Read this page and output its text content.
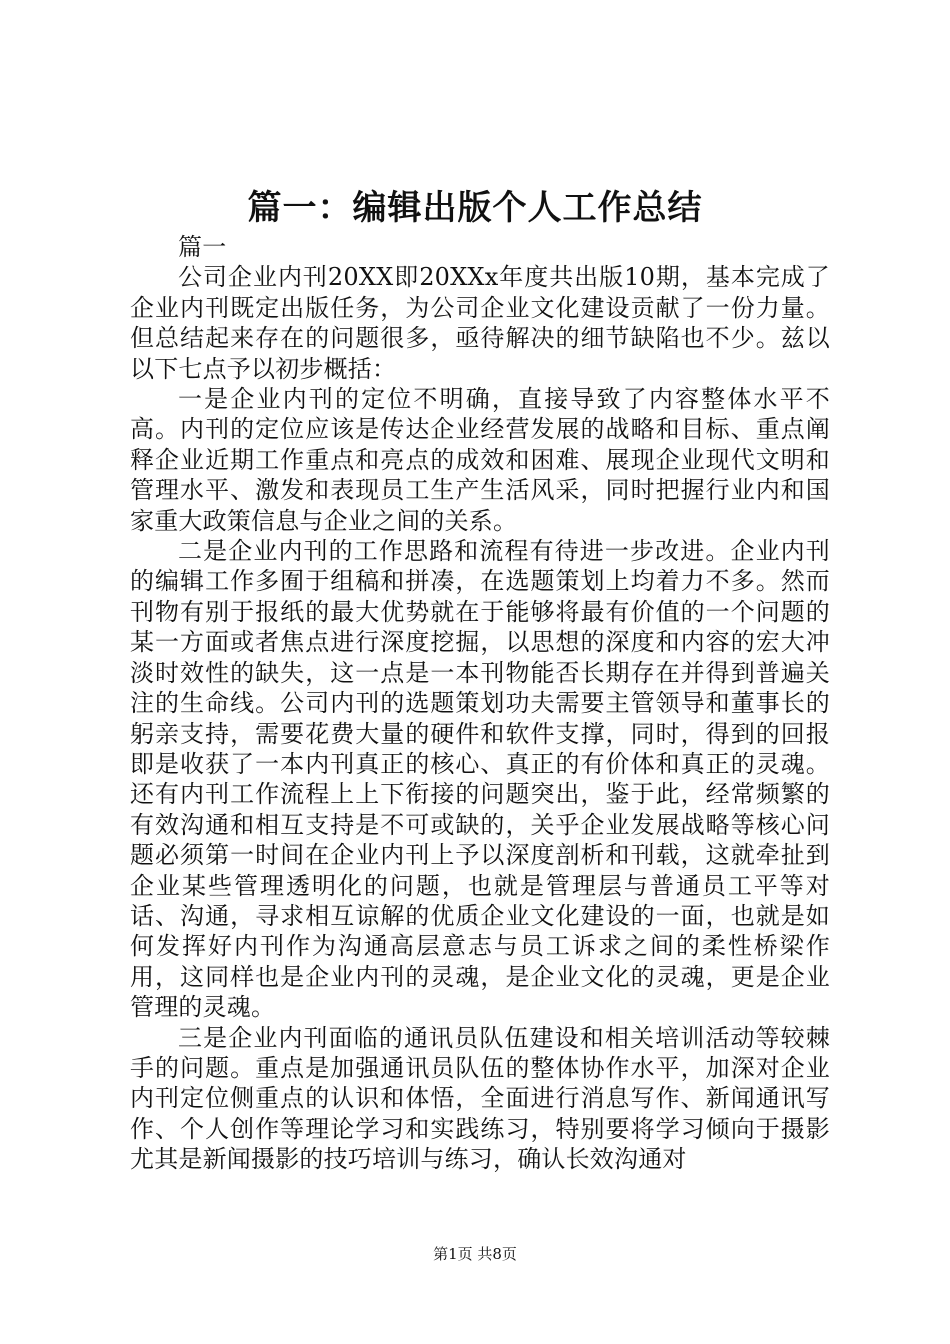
篇一：编辑出版个人工作总结

篇一

公司企业内刊20XX即20XXx年度共出版10期，基本完成了企业内刊既定出版任务，为公司企业文化建设贡献了一份力量。但总结起来存在的问题很多，亟待解决的细节缺陷也不少。兹以以下七点予以初步概括：

一是企业内刊的定位不明确，直接导致了内容整体水平不高。内刊的定位应该是传达企业经营发展的战略和目标、重点阐释企业近期工作重点和亮点的成效和困难、展现企业现代文明和管理水平、激发和表现员工生产生活风采，同时把握行业内和国家重大政策信息与企业之间的关系。

二是企业内刊的工作思路和流程有待进一步改进。企业内刊的编辑工作多囿于组稿和拼凑，在选题策划上均着力不多。然而刊物有别于报纸的最大优势就在于能够将最有价值的一个问题的某一方面或者焦点进行深度挖掘，以思想的深度和内容的宏大冲淡时效性的缺失，这一点是一本刊物能否长期存在并得到普遍关注的生命线。公司内刊的选题策划功夫需要主管领导和董事长的躬亲支持，需要花费大量的硬件和软件支撑，同时，得到的回报即是收获了一本内刊真正的核心、真正的有价体和真正的灵魂。还有内刊工作流程上上下衔接的问题突出，鉴于此，经常频繁的有效沟通和相互支持是不可或缺的，关乎企业发展战略等核心问题必须第一时间在企业内刊上予以深度剖析和刊载，这就牵扯到企业某些管理透明化的问题，也就是管理层与普通员工平等对话、沟通，寻求相互谅解的优质企业文化建设的一面，也就是如何发挥好内刊作为沟通高层意志与员工诉求之间的柔性桥梁作用，这同样也是企业内刊的灵魂，是企业文化的灵魂，更是企业管理的灵魂。

三是企业内刊面临的通讯员队伍建设和相关培训活动等较棘手的问题。重点是加强通讯员队伍的整体协作水平，加深对企业内刊定位侧重点的认识和体悟，全面进行消息写作、新闻通讯写作、个人创作等理论学习和实践练习，特别要将学习倾向于摄影尤其是新闻摄影的技巧培训与练习，确认长效沟通对

第1页 共8页
